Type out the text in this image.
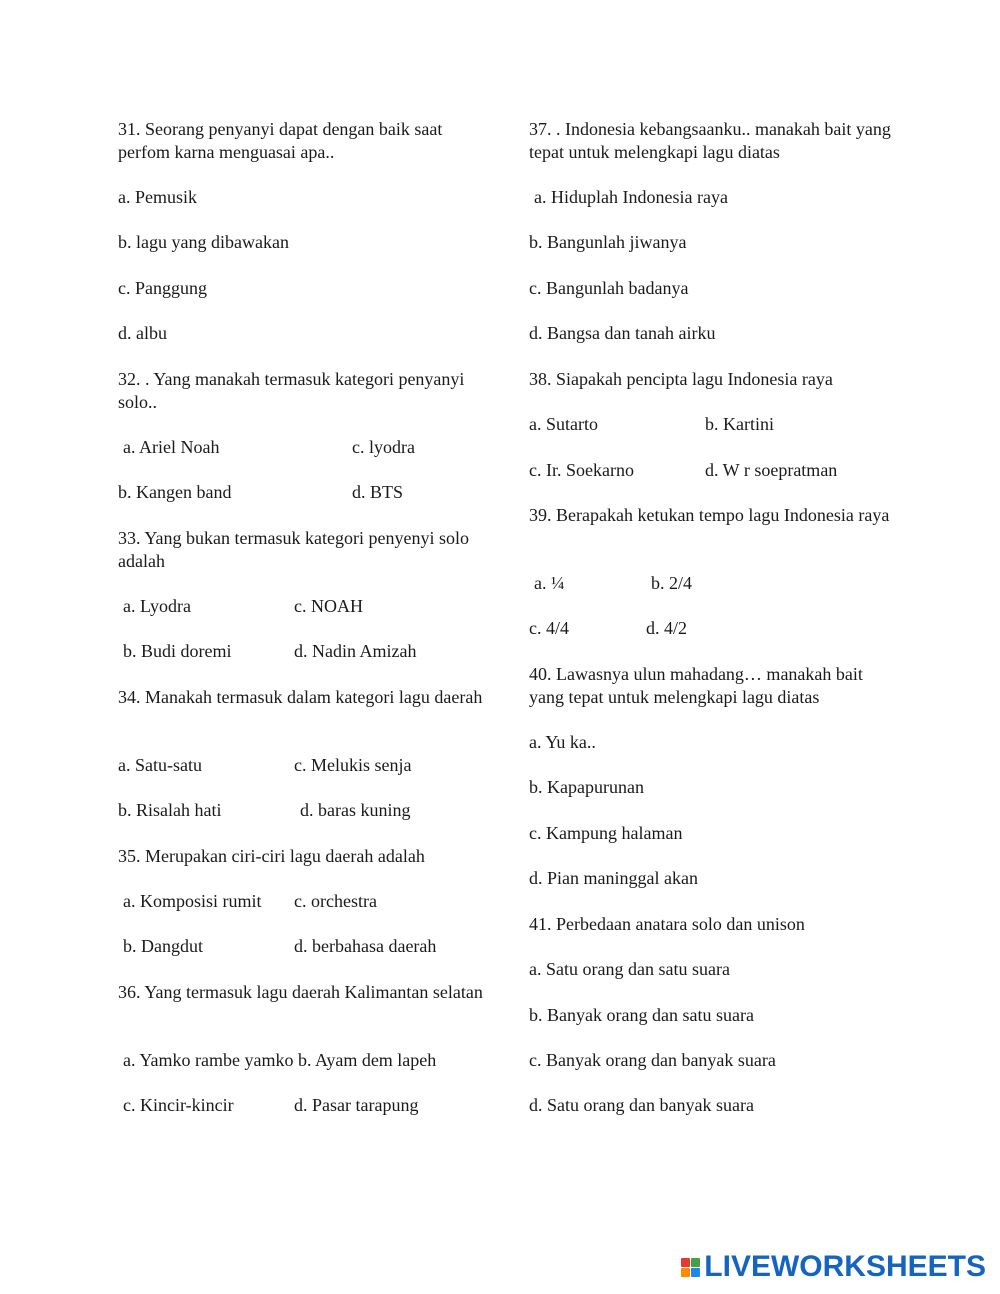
31. Seorang penyanyi dapat dengan baik saat perfom karna menguasai apa..
a. Pemusik
b. lagu yang dibawakan
c. Panggung
d. albu
32. . Yang manakah termasuk kategori penyanyi solo..
a. Ariel Noah	c. lyodra
b. Kangen band	d. BTS
33. Yang bukan termasuk kategori penyenyi solo adalah
a. Lyodra	c. NOAH
b. Budi doremi	d. Nadin Amizah
34. Manakah termasuk dalam kategori lagu daerah
a. Satu-satu	c. Melukis senja
b. Risalah hati	d. baras kuning
35. Merupakan ciri-ciri lagu daerah adalah
a. Komposisi rumit c. orchestra
b. Dangdut	d. berbahasa daerah
36. Yang termasuk lagu daerah Kalimantan selatan
a. Yamko rambe yamko b. Ayam dem lapeh
c. Kincir-kincir	d. Pasar tarapung
37. . Indonesia kebangsaanku.. manakah bait yang tepat untuk melengkapi lagu diatas
a. Hiduplah Indonesia raya
b. Bangunlah jiwanya
c. Bangunlah badanya
d. Bangsa dan tanah airku
38. Siapakah pencipta lagu Indonesia raya
a. Sutarto	b. Kartini
c. Ir. Soekarno	d. W r soepratman
39. Berapakah ketukan tempo lagu Indonesia raya
a. ¼	b. 2/4
c. 4/4	d. 4/2
40. Lawasnya ulun mahadang… manakah bait yang tepat untuk melengkapi lagu diatas
a. Yu ka..
b. Kapapurunan
c. Kampung halaman
d. Pian maninggal akan
41. Perbedaan anatara solo dan unison
a. Satu orang dan satu suara
b. Banyak orang dan satu suara
c. Banyak orang dan banyak suara
d. Satu orang dan banyak suara
LIVEWORKSHEETS
